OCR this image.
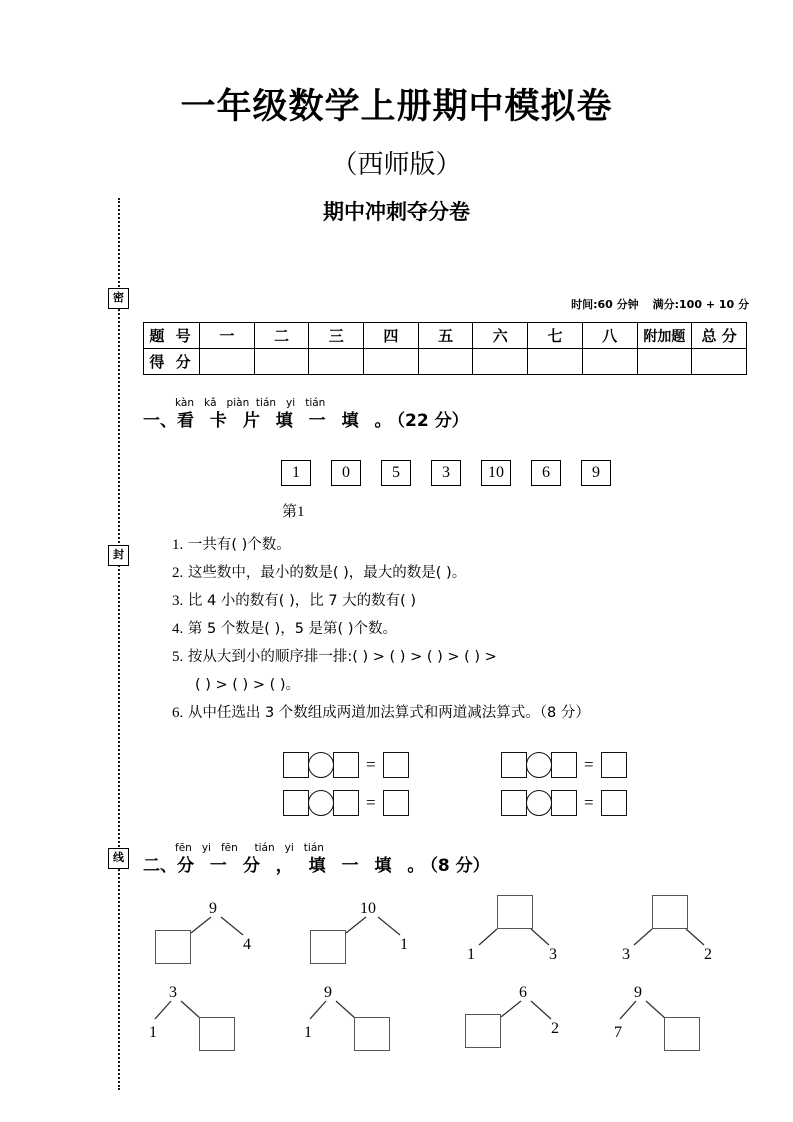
一年级数学上册期中模拟卷
（西师版）
期中冲刺夺分卷
时间:60 分钟 满分:100 + 10 分
题 号	一	二	三	四	五	六	七	八	附加题	总 分
得 分										
kàn kǎ piàn tián yi tián
一、看 卡 片 填 一 填 。（22 分）
1	0	5	3	10	6	9
第1
1. 一共有( )个数。
2. 这些数中，最小的数是( )，最大的数是( )。
3. 比 4 小的数有( )，比 7 大的数有( )
4. 第 5 个数是( )，5 是第( )个数。
5. 按从大到小的顺序排一排:( ) > ( ) > ( ) > ( ) >
( ) > ( ) > ( )。
6. 从中任选出 3 个数组成两道加法算式和两道减法算式。（8 分）
=	=
=	=
fēn yi fēn tián yi tián
二、分 一 分 ， 填 一 填 。（8 分）
9
4
10
1
1	3	3	2
3
1
9
1
6
2
9
7
密
封
线
